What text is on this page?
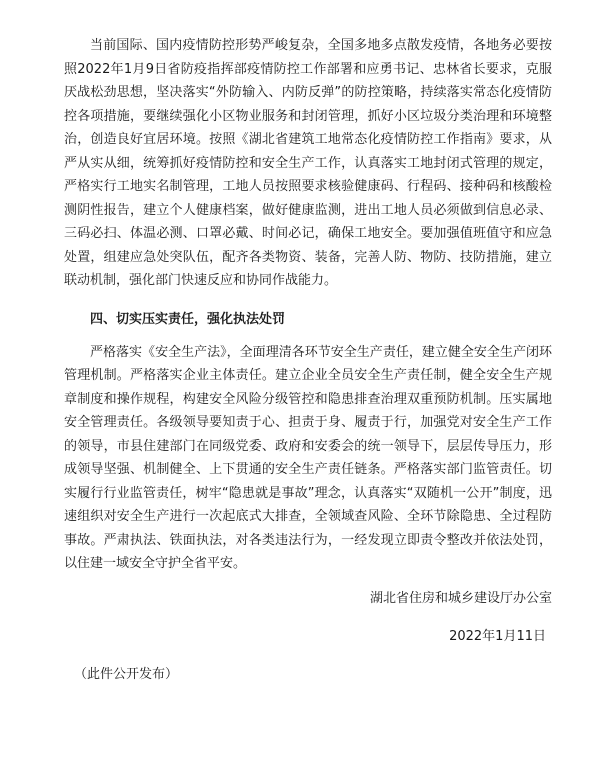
当前国际、国内疫情防控形势严峻复杂，全国多地多点散发疫情，各地务必要按照2022年1月9日省防疫指挥部疫情防控工作部署和应勇书记、忠林省长要求，克服厌战松劲思想，坚决落实“外防输入、内防反弹”的防控策略，持续落实常态化疫情防控各项措施，要继续强化小区物业服务和封闭管理，抓好小区垃圾分类治理和环境整治，创造良好宜居环境。按照《湖北省建筑工地常态化疫情防控工作指南》要求，从严从实从细，统筹抓好疫情防控和安全生产工作，认真落实工地封闭式管理的规定，严格实行工地实名制管理，工地人员按照要求核验健康码、行程码、接种码和核酸检测阴性报告，建立个人健康档案，做好健康监测，进出工地人员必须做到信息必录、三码必扫、体温必测、口罩必戴、时间必记，确保工地安全。要加强值班值守和应急处置，组建应急处突队伍，配齐各类物资、装备，完善人防、物防、技防措施，建立联动机制，强化部门快速反应和协同作战能力。

四、切实压实责任，强化执法处罚

严格落实《安全生产法》，全面理清各环节安全生产责任，建立健全安全生产闭环管理机制。严格落实企业主体责任。建立企业全员安全生产责任制，健全安全生产规章制度和操作规程，构建安全风险分级管控和隐患排查治理双重预防机制。压实属地安全管理责任。各级领导要知责于心、担责于身、履责于行，加强党对安全生产工作的领导，市县住建部门在同级党委、政府和安委会的统一领导下，层层传导压力，形成领导坚强、机制健全、上下贯通的安全生产责任链条。严格落实部门监管责任。切实履行行业监管责任，树牢“隐患就是事故”理念，认真落实“双随机一公开”制度，迅速组织对安全生产进行一次起底式大排查，全领域查风险、全环节除隐患、全过程防事故。严肃执法、铁面执法，对各类违法行为，一经发现立即责令整改并依法处罚，以住建一域安全守护全省平安。

湖北省住房和城乡建设厅办公室
2022年1月11日
（此件公开发布）
